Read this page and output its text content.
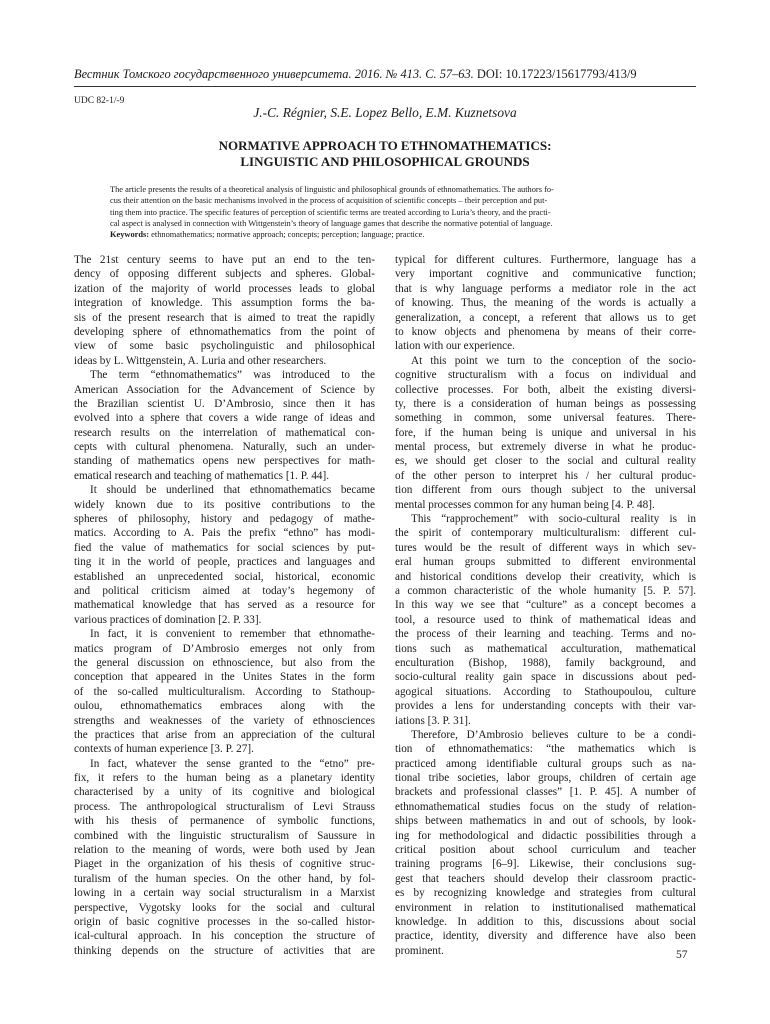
Вестник Томского государственного университета. 2016. № 413. С. 57–63. DOI: 10.17223/15617793/413/9
UDC 82-1/-9
J.-C. Régnier, S.E. Lopez Bello, E.M. Kuznetsova
NORMATIVE APPROACH TO ETHNOMATHEMATICS:
LINGUISTIC AND PHILOSOPHICAL GROUNDS
The article presents the results of a theoretical analysis of linguistic and philosophical grounds of ethnomathematics. The authors fo-
cus their attention on the basic mechanisms involved in the process of acquisition of scientific concepts – their perception and put-
ting them into practice. The specific features of perception of scientific terms are treated according to Luria’s theory, and the practi-
cal aspect is analysed in connection with Wittgenstein’s theory of language games that describe the normative potential of language.
Keywords: ethnomathematics; normative approach; concepts; perception; language; practice.
The 21st century seems to have put an end to the ten-
dency of opposing different subjects and spheres. Global-
ization of the majority of world processes leads to global
integration of knowledge. This assumption forms the ba-
sis of the present research that is aimed to treat the rapidly
developing sphere of ethnomathematics from the point of
view of some basic psycholinguistic and philosophical
ideas by L. Wittgenstein, A. Luria and other researchers.
The term “ethnomathematics” was introduced to the
American Association for the Advancement of Science by
the Brazilian scientist U. D’Ambrosio, since then it has
evolved into a sphere that covers a wide range of ideas and
research results on the interrelation of mathematical con-
cepts with cultural phenomena. Naturally, such an under-
standing of mathematics opens new perspectives for math-
ematical research and teaching of mathematics [1. P. 44].
It should be underlined that ethnomathematics became
widely known due to its positive contributions to the
spheres of philosophy, history and pedagogy of mathe-
matics. According to A. Pais the prefix “ethno” has modi-
fied the value of mathematics for social sciences by put-
ting it in the world of people, practices and languages and
established an unprecedented social, historical, economic
and political criticism aimed at today’s hegemony of
mathematical knowledge that has served as a resource for
various practices of domination [2. P. 33].
In fact, it is convenient to remember that ethnomathe-
matics program of D’Ambrosio emerges not only from
the general discussion on ethnoscience, but also from the
conception that appeared in the Unites States in the form
of the so-called multiculturalism. According to Stathoup-
oulou, ethnomathematics embraces along with the
strengths and weaknesses of the variety of ethnosciences
the practices that arise from an appreciation of the cultural
contexts of human experience [3. P. 27].
In fact, whatever the sense granted to the “etno” pre-
fix, it refers to the human being as a planetary identity
characterised by a unity of its cognitive and biological
process. The anthropological structuralism of Levi Strauss
with his thesis of permanence of symbolic functions,
combined with the linguistic structuralism of Saussure in
relation to the meaning of words, were both used by Jean
Piaget in the organization of his thesis of cognitive struc-
turalism of the human species. On the other hand, by fol-
lowing in a certain way social structuralism in a Marxist
perspective, Vygotsky looks for the social and cultural
origin of basic cognitive processes in the so-called histor-
ical-cultural approach. In his conception the structure of
thinking depends on the structure of activities that are
typical for different cultures. Furthermore, language has a
very important cognitive and communicative function;
that is why language performs a mediator role in the act
of knowing. Thus, the meaning of the words is actually a
generalization, a concept, a referent that allows us to get
to know objects and phenomena by means of their corre-
lation with our experience.
At this point we turn to the conception of the socio-
cognitive structuralism with a focus on individual and
collective processes. For both, albeit the existing diversi-
ty, there is a consideration of human beings as possessing
something in common, some universal features. There-
fore, if the human being is unique and universal in his
mental process, but extremely diverse in what he produc-
es, we should get closer to the social and cultural reality
of the other person to interpret his / her cultural produc-
tion different from ours though subject to the universal
mental processes common for any human being [4. P. 48].
This “rapprochement” with socio-cultural reality is in
the spirit of contemporary multiculturalism: different cul-
tures would be the result of different ways in which sev-
eral human groups submitted to different environmental
and historical conditions develop their creativity, which is
a common characteristic of the whole humanity [5. P. 57].
In this way we see that “culture” as a concept becomes a
tool, a resource used to think of mathematical ideas and
the process of their learning and teaching. Terms and no-
tions such as mathematical acculturation, mathematical
enculturation (Bishop, 1988), family background, and
socio-cultural reality gain space in discussions about ped-
agogical situations. According to Stathoupoulou, culture
provides a lens for understanding concepts with their var-
iations [3. P. 31].
Therefore, D’Ambrosio believes culture to be a condi-
tion of ethnomathematics: “the mathematics which is
practiced among identifiable cultural groups such as na-
tional tribe societies, labor groups, children of certain age
brackets and professional classes” [1. P. 45]. A number of
ethnomathematical studies focus on the study of relation-
ships between mathematics in and out of schools, by look-
ing for methodological and didactic possibilities through a
critical position about school curriculum and teacher
training programs [6–9]. Likewise, their conclusions sug-
gest that teachers should develop their classroom practic-
es by recognizing knowledge and strategies from cultural
environment in relation to institutionalised mathematical
knowledge. In addition to this, discussions about social
practice, identity, diversity and difference have also been
prominent.	57
